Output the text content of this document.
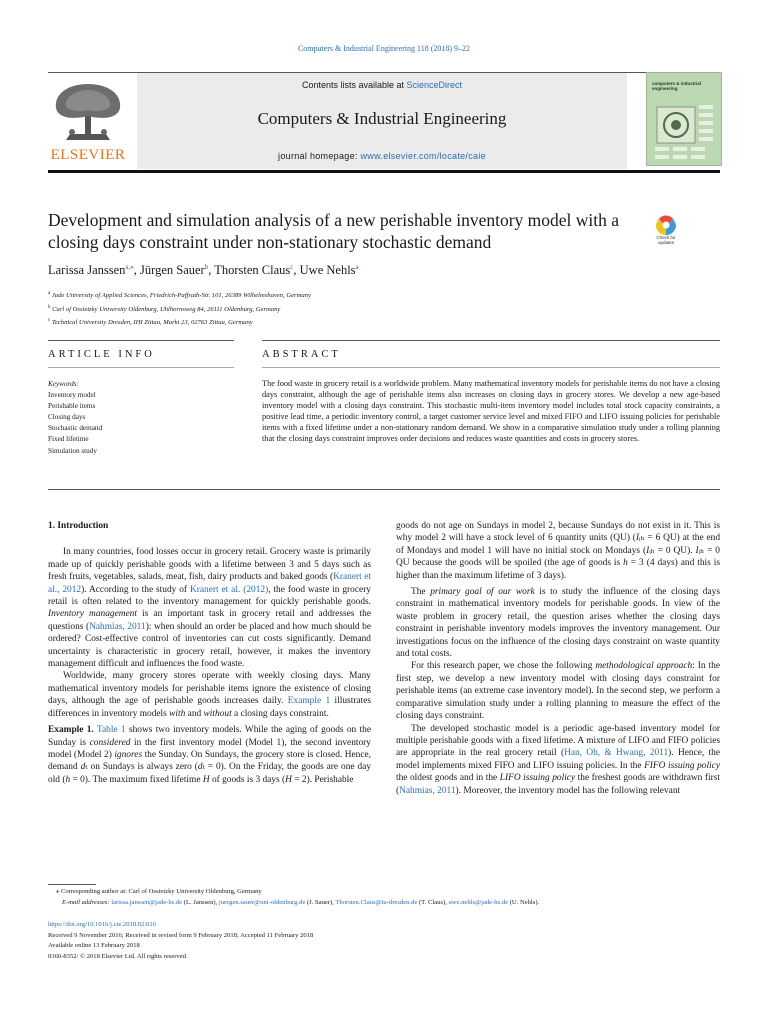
Computers & Industrial Engineering 118 (2018) 9–22
ELSEVIER
Contents lists available at ScienceDirect
Computers & Industrial Engineering
journal homepage: www.elsevier.com/locate/caie
computers & industrial engineering
Development and simulation analysis of a new perishable inventory model with a closing days constraint under non-stationary stochastic demand	Check for updates
Larissa Janssen$^{a,⁎}$, Jürgen Sauer$^b$, Thorsten Claus$^c$, Uwe Nehls$^a$
$^a$ Jade University of Applied Sciences, Friedrich-Paffrath-Str. 101, 26389 Wilhelmshaven, Germany
$^b$ Carl of Ossietzky University Oldenburg, Uhlhornsweg 84, 26111 Oldenburg, Germany
$^c$ Technical University Dresden, IHI Zittau, Markt 23, 02763 Zittau, Germany
ARTICLE INFO	ABSTRACT
Keywords:
Inventory model
Perishable items
Closing days
Stochastic demand
Fixed lifetime
Simulation study
The food waste in grocery retail is a worldwide problem. Many mathematical inventory models for perishable items do not have a closing days constraint, although the age of perishable items also increases on closing days in grocery stores. We develop a new age-based inventory model with a closing days constraint. This stochastic multi-item inventory model includes total stock capacity constraints, a positive lead time, a periodic inventory control, a target customer service level and mixed FIFO and LIFO issuing policies for perishable items with a fixed lifetime under a non-stationary random demand. We show in a comparative simulation study under a rolling planning that the closing days constraint improves order decisions and reduces waste quantities and costs in grocery stores.
1. Introduction

In many countries, food losses occur in grocery retail. Grocery waste is primarily made up of quickly perishable goods with a lifetime between 3 and 5 days such as fresh fruits, vegetables, salads, meat, fish, dairy products and baked goods (Kranert et al., 2012). According to the study of Kranert et al. (2012), the food waste in grocery retail is often related to the inventory management for quickly perishable goods. Inventory management is an important task in grocery retail and addresses the questions (Nahmias, 2011): when should an order be placed and how much should be ordered? Cost-effective control of inventories can cut costs significantly. Demand uncertainty is characteristic in grocery retail, however, it makes the inventory management difficult and influences the food waste.

Worldwide, many grocery stores operate with weekly closing days. Many mathematical inventory models for perishable items ignore the existence of closing days, although the age of perishable goods increases daily. Example 1 illustrates differences in inventory models with and without a closing days constraint.

Example 1. Table 1 shows two inventory models. While the aging of goods on the Sunday is considered in the first inventory model (Model 1), the second inventory model (Model 2) ignores the Sunday. On Sundays, the grocery store is closed. Hence, demand dₜ on Sundays is always zero (dₜ = 0). On the Friday, the goods are one day old (h = 0). The maximum fixed lifetime H of goods is 3 days (H = 2). Perishable

goods do not age on Sundays in model 2, because Sundays do not exist in it. This is why model 2 will have a stock level of 6 quantity units (QU) (Iᵢₕ = 6 QU) at the end of Mondays and model 1 will have no initial stock on Mondays (Iᵢₕ = 0 QU). Iᵢₕ = 0 QU because the goods will be spoiled (the age of goods is h = 3 (4 days) and this is higher than the maximum lifetime of 3 days).

The primary goal of our work is to study the influence of the closing days constraint in mathematical inventory models for perishable goods. In view of the waste problem in grocery retail, the question arises whether the closing days constraint in perishable inventory models improves the inventory management. Our investigations focus on the influence of the closing days constraint on waste quantity and total costs.

For this research paper, we chose the following methodological approach: In the first step, we develop a new inventory model with closing days constraint for perishable items (an extreme case inventory model). In the second step, we perform a comparative simulation study under a rolling planning to measure the effect of the closing days constraint.

The developed stochastic model is a periodic age-based inventory model for multiple perishable goods with a fixed lifetime. A mixture of LIFO and FIFO policies are appropriate in the real grocery retail (Han, Oh, & Hwang, 2011). Hence, the model implements mixed FIFO and LIFO issuing policies. In the FIFO issuing policy the oldest goods and in the LIFO issuing policy the freshest goods are withdrawn first (Nahmias, 2011). Moreover, the inventory model has the following relevant

⁎ Corresponding author at: Carl of Ossietzky University Oldenburg, Germany
E-mail addresses: larissa.janssen@jade-hs.de (L. Janssen), juergen.sauer@uni-oldenburg.de (J. Sauer), Thorsten.Claus@tu-dresden.de (T. Claus), uwe.nehls@jade-hs.de (U. Nehls).
https://doi.org/10.1016/j.cie.2018.02.016
Received 9 November 2016; Received in revised form 9 February 2018; Accepted 11 February 2018
Available online 13 February 2018
0360-8352/ © 2018 Elsevier Ltd. All rights reserved.
